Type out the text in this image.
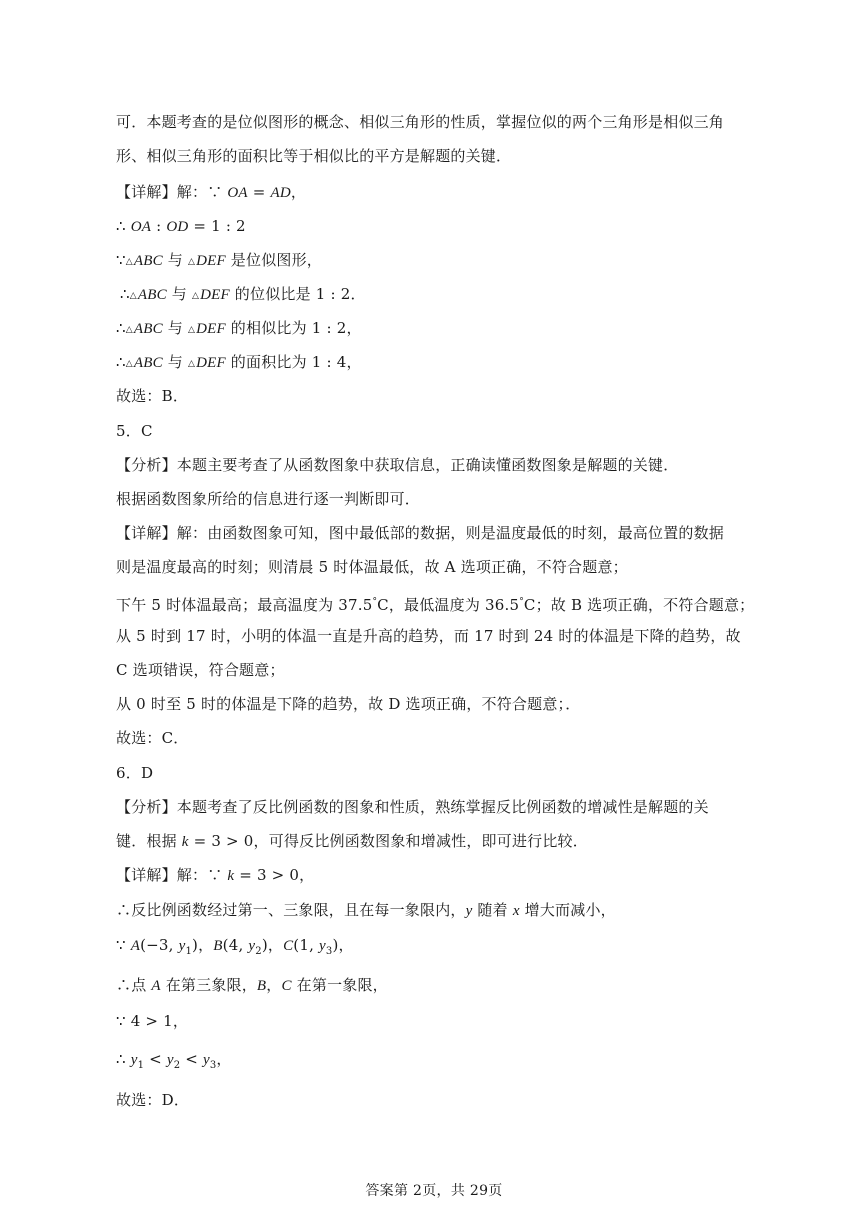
可．本题考查的是位似图形的概念、相似三角形的性质，掌握位似的两个三角形是相似三角
形、相似三角形的面积比等于相似比的平方是解题的关键．
【详解】解：∵ OA = AD，
∴ OA : OD = 1 : 2
∵△ABC 与 △DEF 是位似图形，
∴△ABC 与 △DEF 的位似比是 1 : 2．
∴△ABC 与 △DEF 的相似比为 1 : 2，
∴△ABC 与 △DEF 的面积比为 1 : 4，
故选：B．
5．C
【分析】本题主要考查了从函数图象中获取信息，正确读懂函数图象是解题的关键．
根据函数图象所给的信息进行逐一判断即可．
【详解】解：由函数图象可知，图中最低部的数据，则是温度最低的时刻，最高位置的数据
则是温度最高的时刻；则清晨 5 时体温最低，故 A 选项正确，不符合题意；
下午 5 时体温最高；最高温度为 37.5°C，最低温度为 36.5°C；故 B 选项正确，不符合题意；
从 5 时到 17 时，小明的体温一直是升高的趋势，而 17 时到 24 时的体温是下降的趋势，故
C 选项错误，符合题意；
从 0 时至 5 时的体温是下降的趋势，故 D 选项正确，不符合题意；．
故选：C．
6．D
【分析】本题考查了反比例函数的图象和性质，熟练掌握反比例函数的增减性是解题的关
键．根据 k = 3 > 0，可得反比例函数图象和增减性，即可进行比较．
【详解】解：∵ k = 3 > 0，
∴反比例函数经过第一、三象限，且在每一象限内，y 随着 x 增大而减小，
∵ A(−3, $y_1$)，B(4, $y_2$)，C(1, $y_3$)，
∴点 A 在第三象限，B，C 在第一象限，
∵ 4 > 1，
∴ $y_1 < y_2 < y_3$，
故选：D．
答案第 2页，共 29页
